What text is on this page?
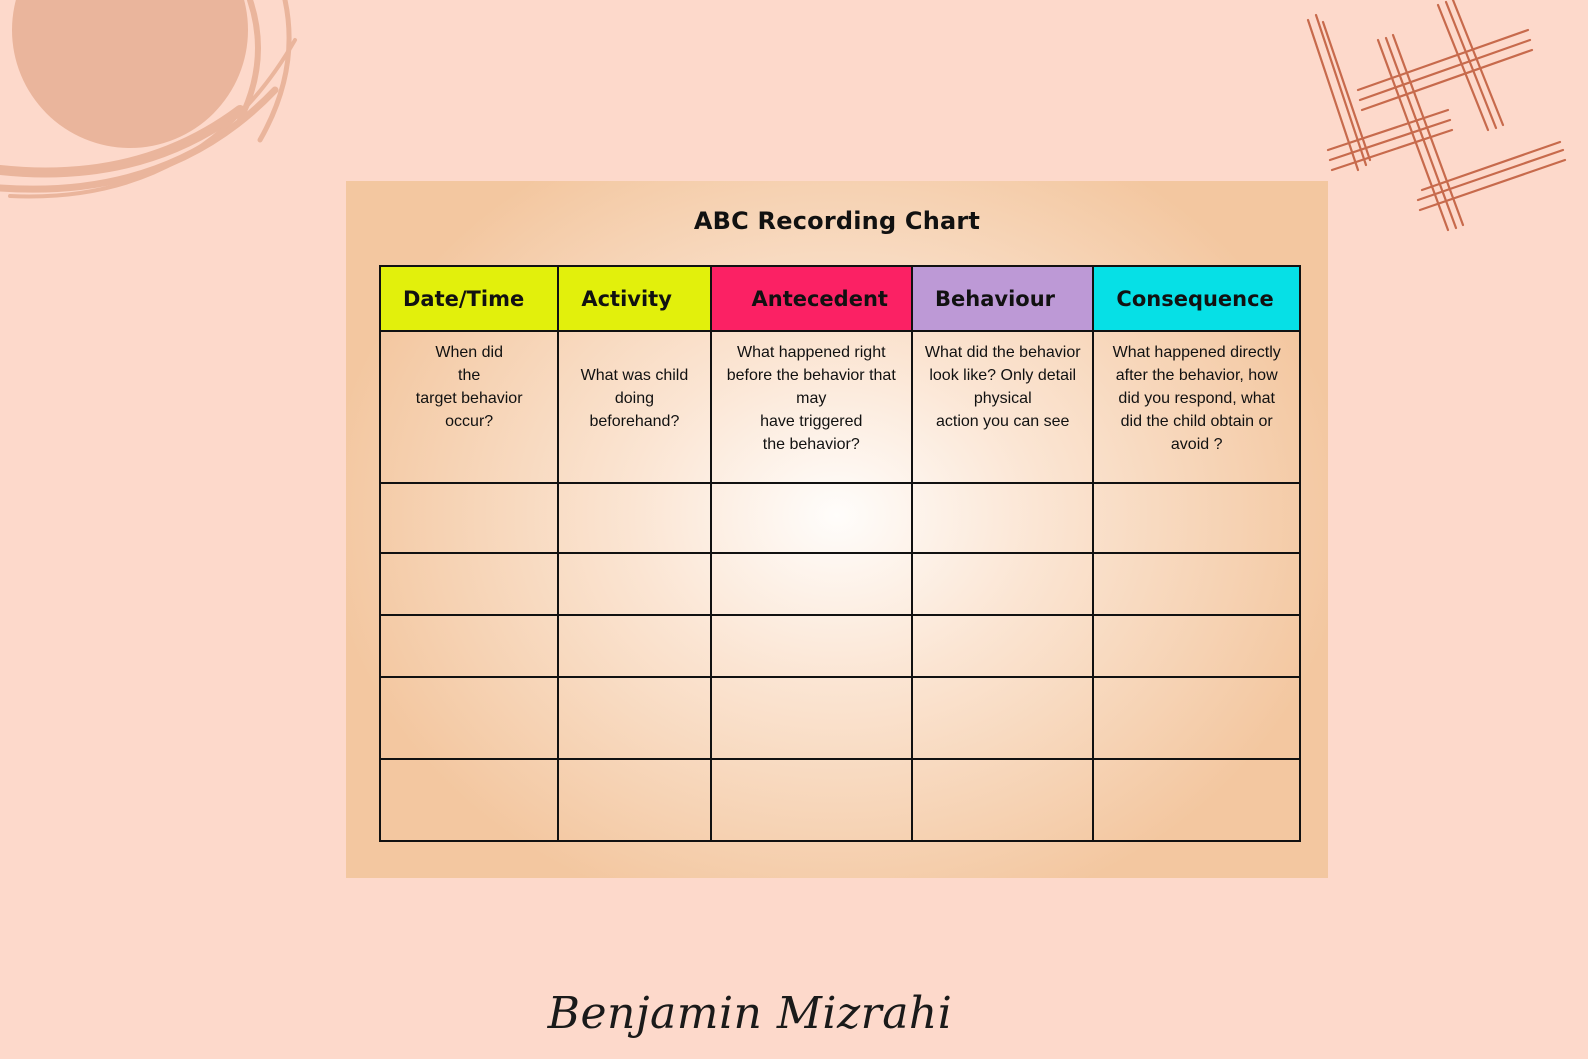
ABC Recording Chart
Date/Time	Activity	Antecedent	Behaviour	Consequence
When did
the
target behavior
occur?	What was child
doing
beforehand?	What happened right
before the behavior that
may
have triggered
the behavior?	What did the behavior
look like? Only detail
physical
action you can see	What happened directly
after the behavior, how
did you respond, what
did the child obtain or
avoid ?

Benjamin Mizrahi
